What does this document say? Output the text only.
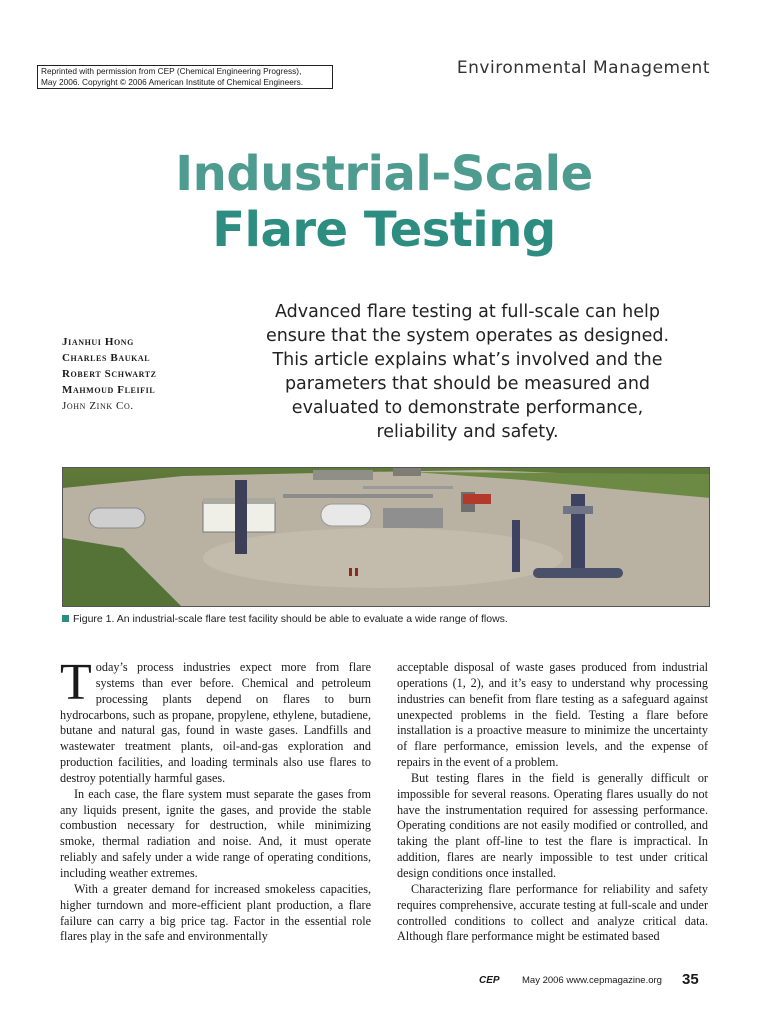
Reprinted with permission from CEP (Chemical Engineering Progress),
May 2006. Copyright © 2006 American Institute of Chemical Engineers.
Environmental Management
Industrial-Scale
Flare Testing
Jianhui Hong
Charles Baukal
Robert Schwartz
Mahmoud Fleifil
John Zink Co.
Advanced flare testing at full-scale can help ensure that the system operates as designed. This article explains what’s involved and the parameters that should be measured and evaluated to demonstrate performance, reliability and safety.
Figure 1. An industrial-scale flare test facility should be able to evaluate a wide range of flows.

Today’s process industries expect more from flare systems than ever before. Chemical and petroleum processing plants depend on flares to burn hydrocarbons, such as propane, propylene, ethylene, butadiene, butane and natural gas, found in waste gases. Landfills and wastewater treatment plants, oil-and-gas exploration and production facilities, and loading terminals also use flares to destroy potentially harmful gases.

In each case, the flare system must separate the gases from any liquids present, ignite the gases, and provide the stable combustion necessary for destruction, while minimizing smoke, thermal radiation and noise. And, it must operate reliably and safely under a wide range of operating conditions, including weather extremes.

With a greater demand for increased smokeless capacities, higher turndown and more-efficient plant production, a flare failure can carry a big price tag. Factor in the essential role flares play in the safe and environmentally

acceptable disposal of waste gases produced from industrial operations (1, 2), and it’s easy to understand why processing industries can benefit from flare testing as a safeguard against unexpected problems in the field. Testing a flare before installation is a proactive measure to minimize the uncertainty of flare performance, emission levels, and the expense of repairs in the event of a problem.

But testing flares in the field is generally difficult or impossible for several reasons. Operating flares usually do not have the instrumentation required for assessing performance. Operating conditions are not easily modified or controlled, and taking the plant off-line to test the flare is impractical. In addition, flares are nearly impossible to test under critical design conditions once installed.

Characterizing flare performance for reliability and safety requires comprehensive, accurate testing at full-scale and under controlled conditions to collect and analyze critical data. Although flare performance might be estimated based

CEP May 2006 www.cepmagazine.org 35
